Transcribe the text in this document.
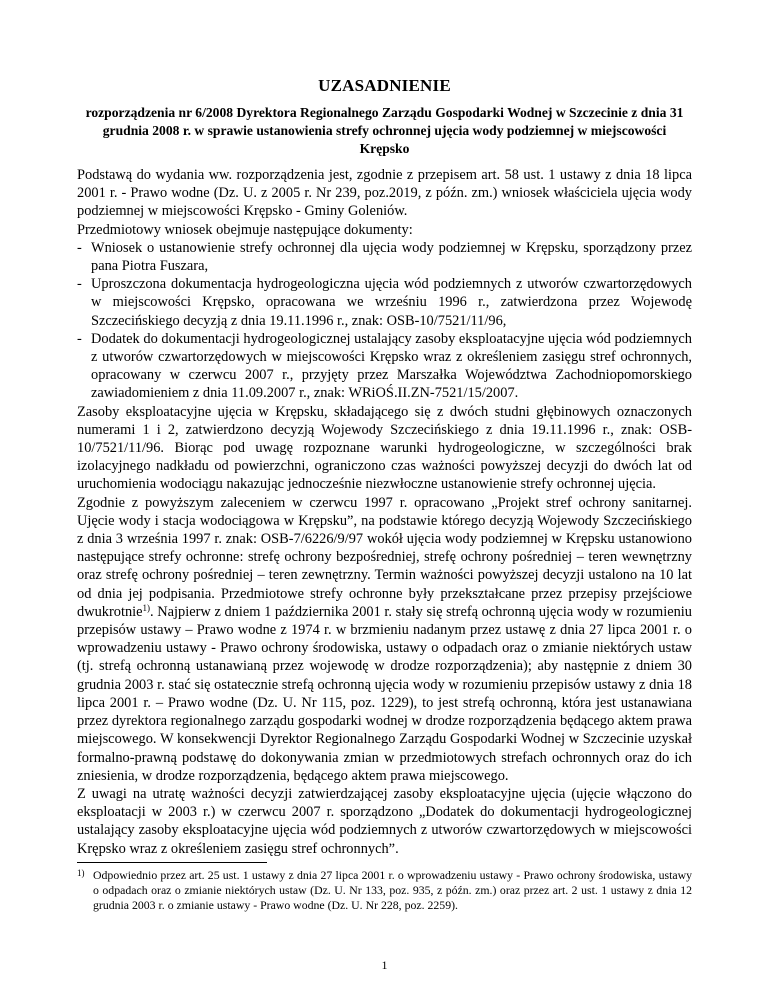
UZASADNIENIE
rozporządzenia nr 6/2008 Dyrektora Regionalnego Zarządu Gospodarki Wodnej w Szczecinie z dnia 31 grudnia 2008 r. w sprawie ustanowienia strefy ochronnej ujęcia wody podziemnej w miejscowości Krępsko

Podstawą do wydania ww. rozporządzenia jest, zgodnie z przepisem art. 58 ust. 1 ustawy z dnia 18 lipca 2001 r. - Prawo wodne (Dz. U. z 2005 r. Nr 239, poz.2019, z późn. zm.) wniosek właściciela ujęcia wody podziemnej w miejscowości Krępsko - Gminy Goleniów.

Przedmiotowy wniosek obejmuje następujące dokumenty:

- Wniosek o ustanowienie strefy ochronnej dla ujęcia wody podziemnej w Krępsku, sporządzony przez pana Piotra Fuszara,
- Uproszczona dokumentacja hydrogeologiczna ujęcia wód podziemnych z utworów czwartorzędowych w miejscowości Krępsko, opracowana we wrześniu 1996 r., zatwierdzona przez Wojewodę Szczecińskiego decyzją z dnia 19.11.1996 r., znak: OSB-10/7521/11/96,
- Dodatek do dokumentacji hydrogeologicznej ustalający zasoby eksploatacyjne ujęcia wód podziemnych z utworów czwartorzędowych w miejscowości Krępsko wraz z określeniem zasięgu stref ochronnych, opracowany w czerwcu 2007 r., przyjęty przez Marszałka Województwa Zachodniopomorskiego zawiadomieniem z dnia 11.09.2007 r., znak: WRiOŚ.II.ZN-7521/15/2007.

Zasoby eksploatacyjne ujęcia w Krępsku, składającego się z dwóch studni głębinowych oznaczonych numerami 1 i 2, zatwierdzono decyzją Wojewody Szczecińskiego z dnia 19.11.1996 r., znak: OSB-10/7521/11/96. Biorąc pod uwagę rozpoznane warunki hydrogeologiczne, w szczególności brak izolacyjnego nadkładu od powierzchni, ograniczono czas ważności powyższej decyzji do dwóch lat od uruchomienia wodociągu nakazując jednocześnie niezwłoczne ustanowienie strefy ochronnej ujęcia.

Zgodnie z powyższym zaleceniem w czerwcu 1997 r. opracowano „Projekt stref ochrony sanitarnej. Ujęcie wody i stacja wodociągowa w Krępsku”, na podstawie którego decyzją Wojewody Szczecińskiego z dnia 3 września 1997 r. znak: OSB-7/6226/9/97 wokół ujęcia wody podziemnej w Krępsku ustanowiono następujące strefy ochronne: strefę ochrony bezpośredniej, strefę ochrony pośredniej – teren wewnętrzny oraz strefę ochrony pośredniej – teren zewnętrzny. Termin ważności powyższej decyzji ustalono na 10 lat od dnia jej podpisania. Przedmiotowe strefy ochronne były przekształcane przez przepisy przejściowe dwukrotnie$^{1)}$. Najpierw z dniem 1 października 2001 r. stały się strefą ochronną ujęcia wody w rozumieniu przepisów ustawy – Prawo wodne z 1974 r. w brzmieniu nadanym przez ustawę z dnia 27 lipca 2001 r. o wprowadzeniu ustawy - Prawo ochrony środowiska, ustawy o odpadach oraz o zmianie niektórych ustaw (tj. strefą ochronną ustanawianą przez wojewodę w drodze rozporządzenia); aby następnie z dniem 30 grudnia 2003 r. stać się ostatecznie strefą ochronną ujęcia wody w rozumieniu przepisów ustawy z dnia 18 lipca 2001 r. – Prawo wodne (Dz. U. Nr 115, poz. 1229), to jest strefą ochronną, która jest ustanawiana przez dyrektora regionalnego zarządu gospodarki wodnej w drodze rozporządzenia będącego aktem prawa miejscowego. W konsekwencji Dyrektor Regionalnego Zarządu Gospodarki Wodnej w Szczecinie uzyskał formalno-prawną podstawę do dokonywania zmian w przedmiotowych strefach ochronnych oraz do ich zniesienia, w drodze rozporządzenia, będącego aktem prawa miejscowego.

Z uwagi na utratę ważności decyzji zatwierdzającej zasoby eksploatacyjne ujęcia (ujęcie włączono do eksploatacji w 2003 r.) w czerwcu 2007 r. sporządzono „Dodatek do dokumentacji hydrogeologicznej ustalający zasoby eksploatacyjne ujęcia wód podziemnych z utworów czwartorzędowych w miejscowości Krępsko wraz z określeniem zasięgu stref ochronnych”.

1) Odpowiednio przez art. 25 ust. 1 ustawy z dnia 27 lipca 2001 r. o wprowadzeniu ustawy - Prawo ochrony środowiska, ustawy o odpadach oraz o zmianie niektórych ustaw (Dz. U. Nr 133, poz. 935, z późn. zm.) oraz przez art. 2 ust. 1 ustawy z dnia 12 grudnia 2003 r. o zmianie ustawy - Prawo wodne (Dz. U. Nr 228, poz. 2259).
1
